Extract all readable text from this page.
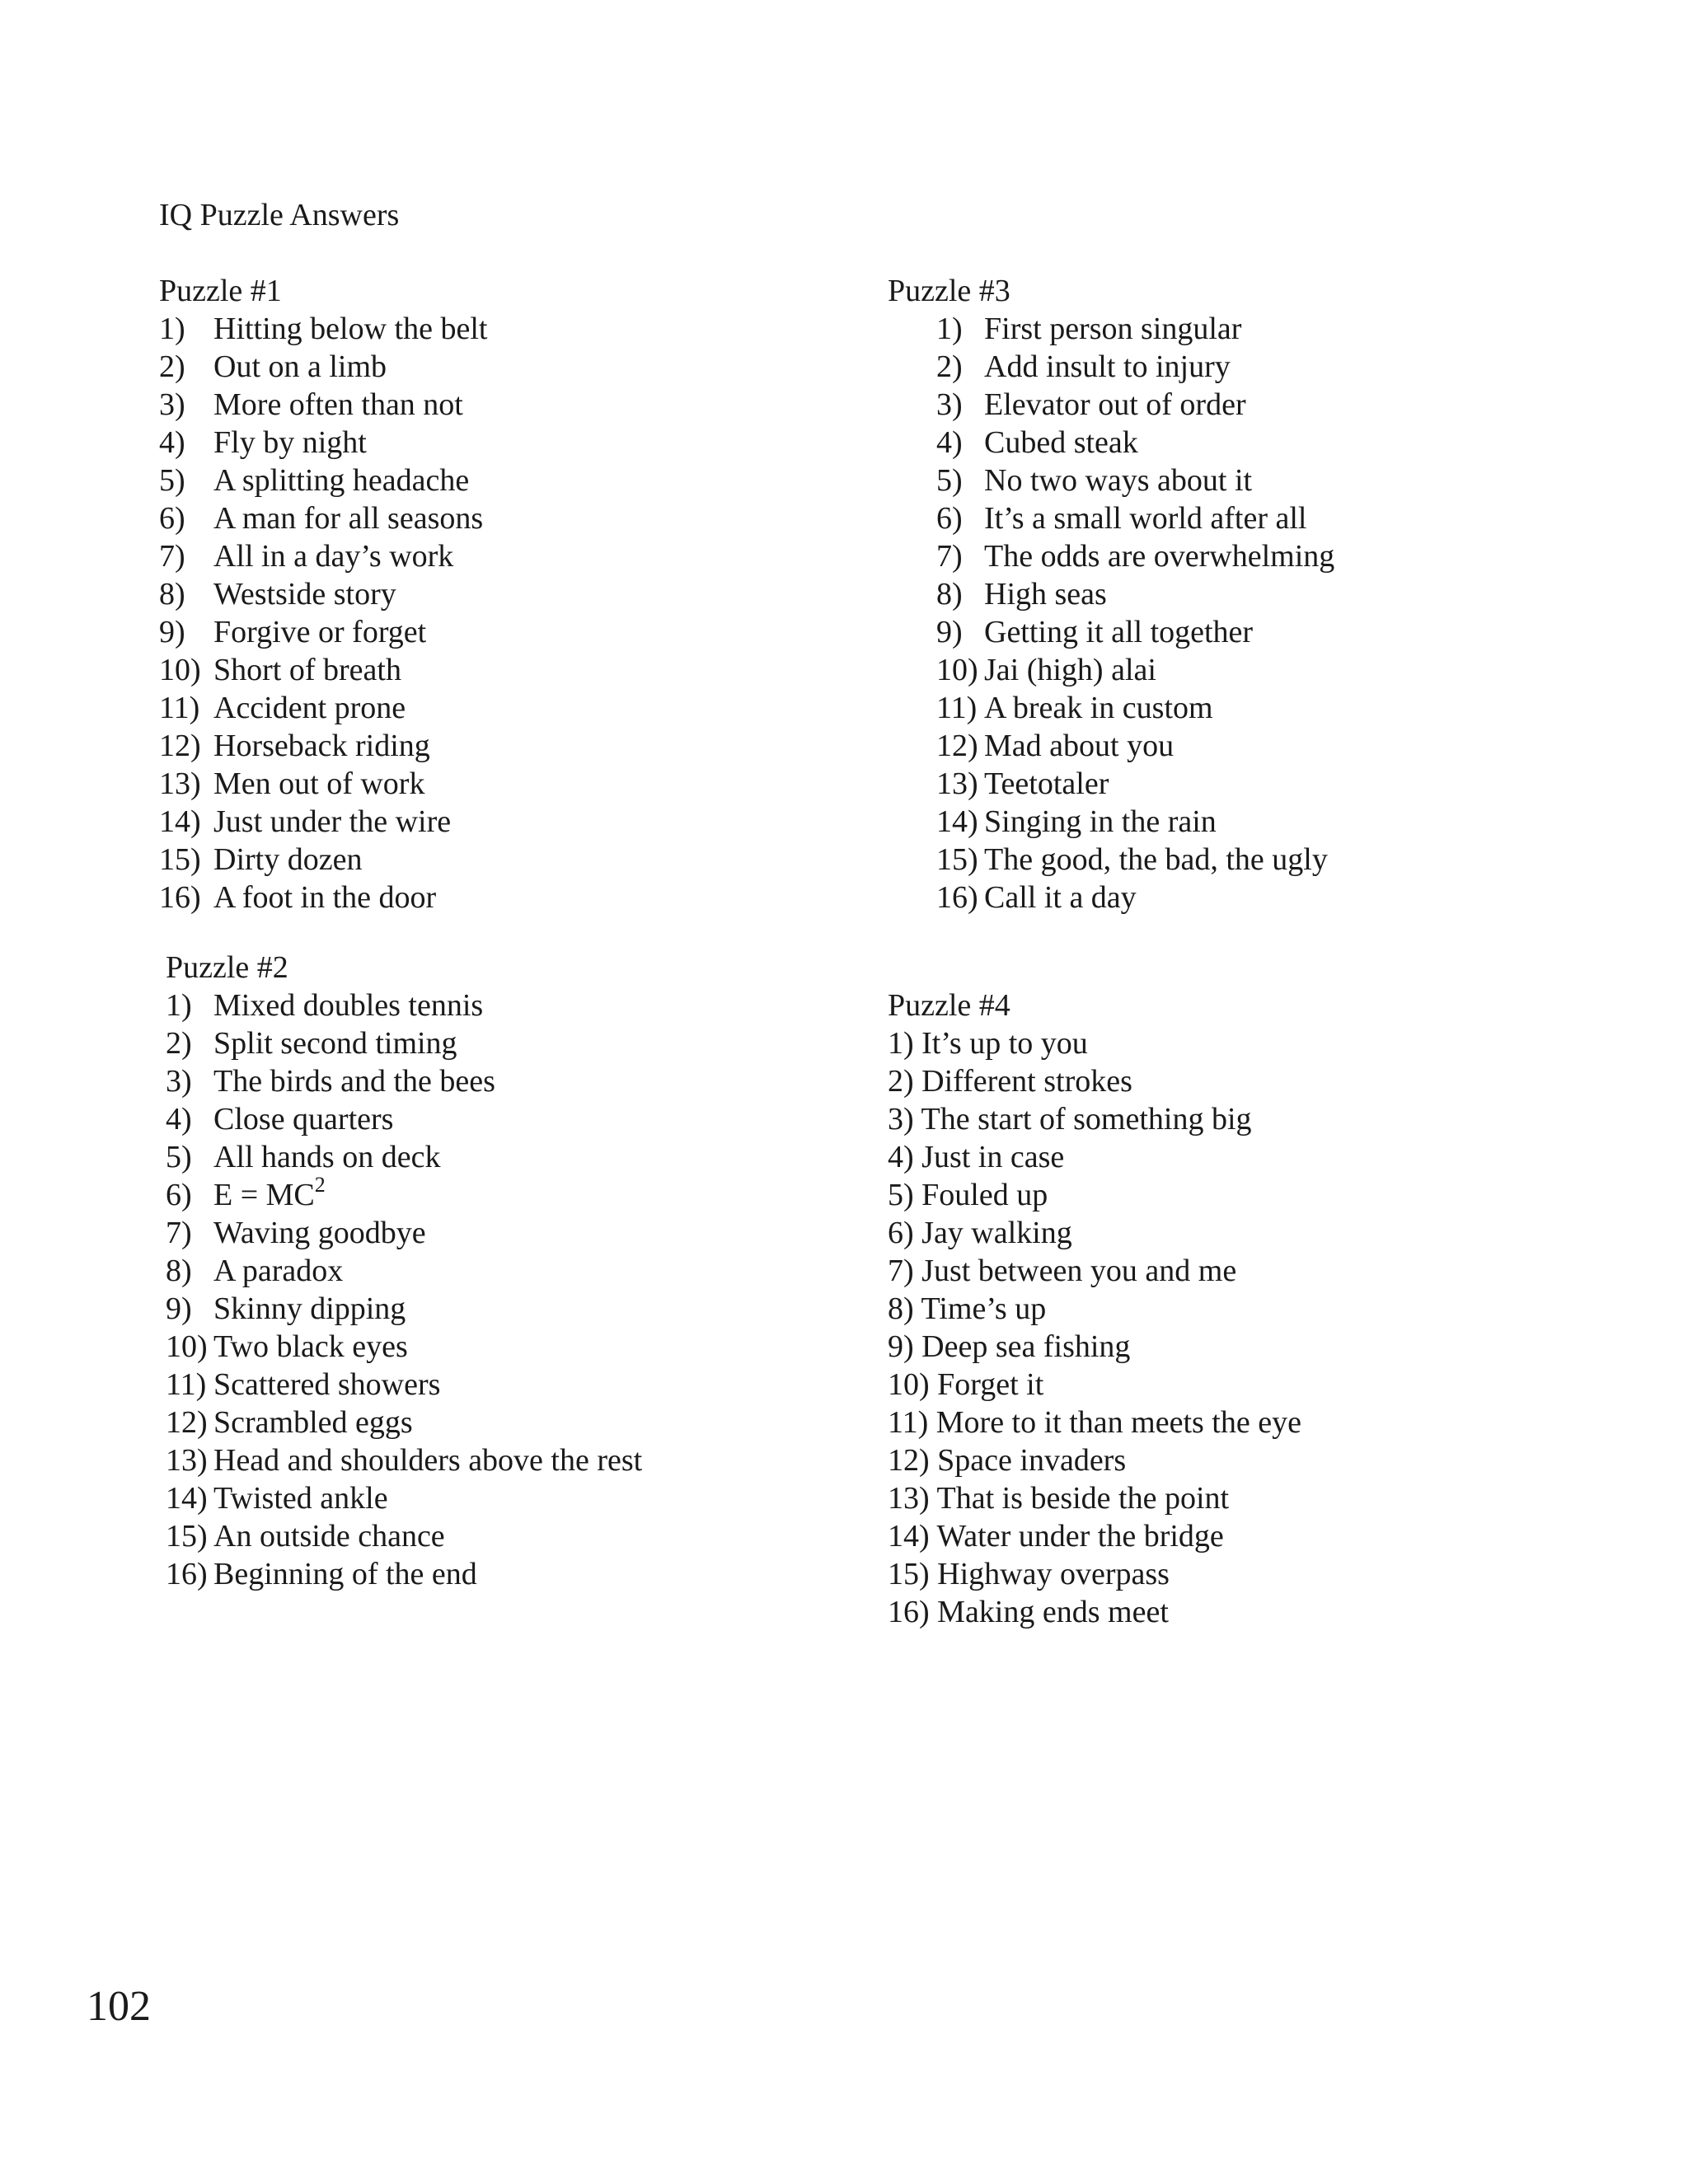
IQ Puzzle Answers
Puzzle #1
1) Hitting below the belt
2) Out on a limb
3) More often than not
4) Fly by night
5) A splitting headache
6) A man for all seasons
7) All in a day’s work
8) Westside story
9) Forgive or forget
10) Short of breath
11) Accident prone
12) Horseback riding
13) Men out of work
14) Just under the wire
15) Dirty dozen
16) A foot in the door
Puzzle #2
1) Mixed doubles tennis
2) Split second timing
3) The birds and the bees
4) Close quarters
5) All hands on deck
6) $E = MC^2$
7) Waving goodbye
8) A paradox
9) Skinny dipping
10) Two black eyes
11) Scattered showers
12) Scrambled eggs
13) Head and shoulders above the rest
14) Twisted ankle
15) An outside chance
16) Beginning of the end
Puzzle #3
1) First person singular
2) Add insult to injury
3) Elevator out of order
4) Cubed steak
5) No two ways about it
6) It’s a small world after all
7) The odds are overwhelming
8) High seas
9) Getting it all together
10) Jai (high) alai
11) A break in custom
12) Mad about you
13) Teetotaler
14) Singing in the rain
15) The good, the bad, the ugly
16) Call it a day
Puzzle #4
1) It’s up to you
2) Different strokes
3) The start of something big
4) Just in case
5) Fouled up
6) Jay walking
7) Just between you and me
8) Time’s up
9) Deep sea fishing
10) Forget it
11) More to it than meets the eye
12) Space invaders
13) That is beside the point
14) Water under the bridge
15) Highway overpass
16) Making ends meet
102
